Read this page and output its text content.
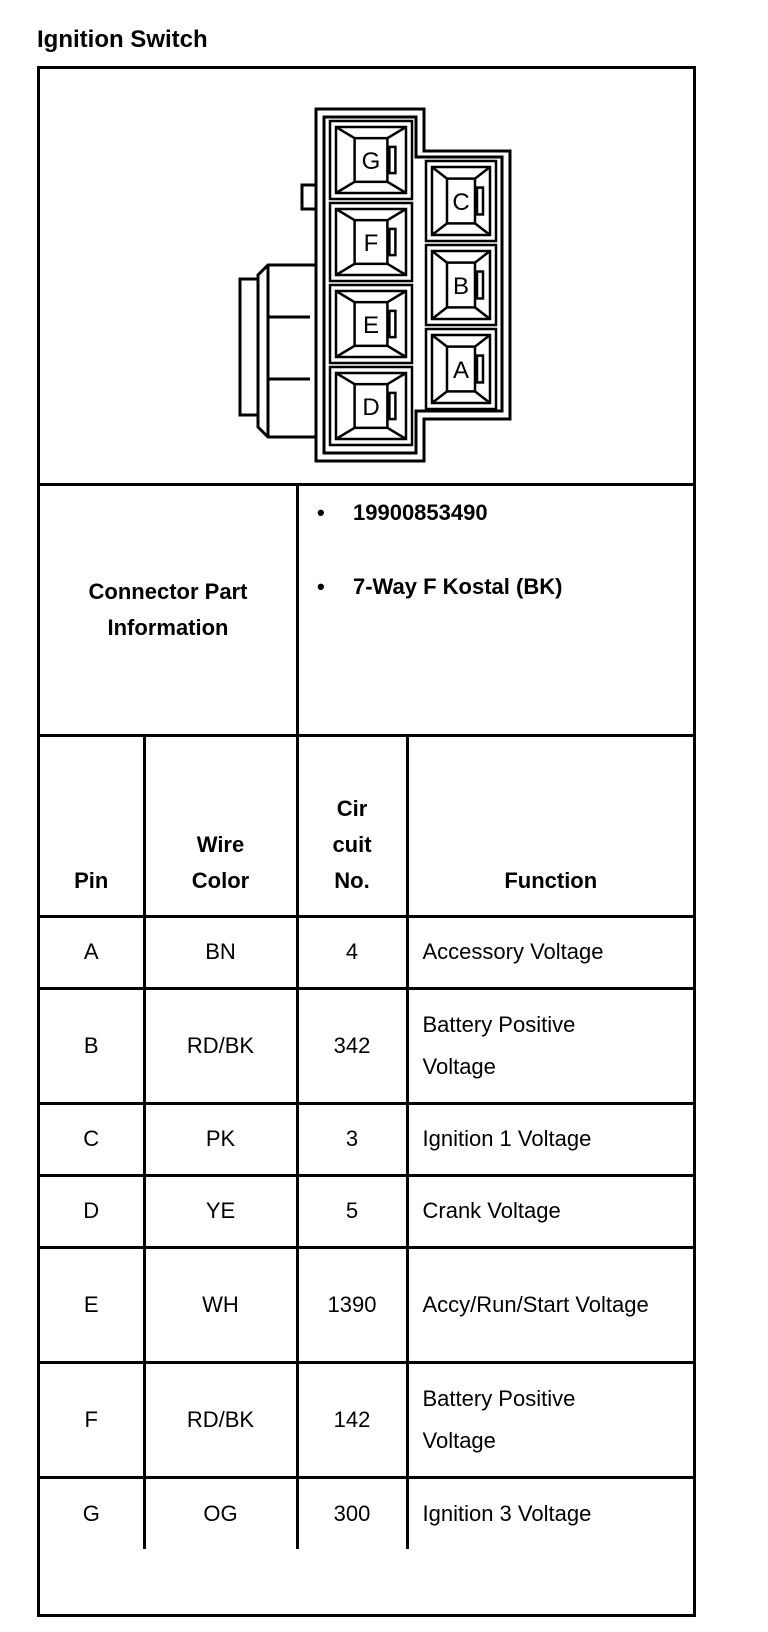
Ignition Switch
G
F
E
D
C
B
A
Connector Part Information
• 19900853490
• 7-Way F Kostal (BK)
Pin	Wire Color	Cir cuit No.	Function
A	BN	4	Accessory Voltage
B	RD/BK	342	Battery Positive Voltage
C	PK	3	Ignition 1 Voltage
D	YE	5	Crank Voltage
E	WH	1390	Accy/Run/Start Voltage
F	RD/BK	142	Battery Positive Voltage
G	OG	300	Ignition 3 Voltage
